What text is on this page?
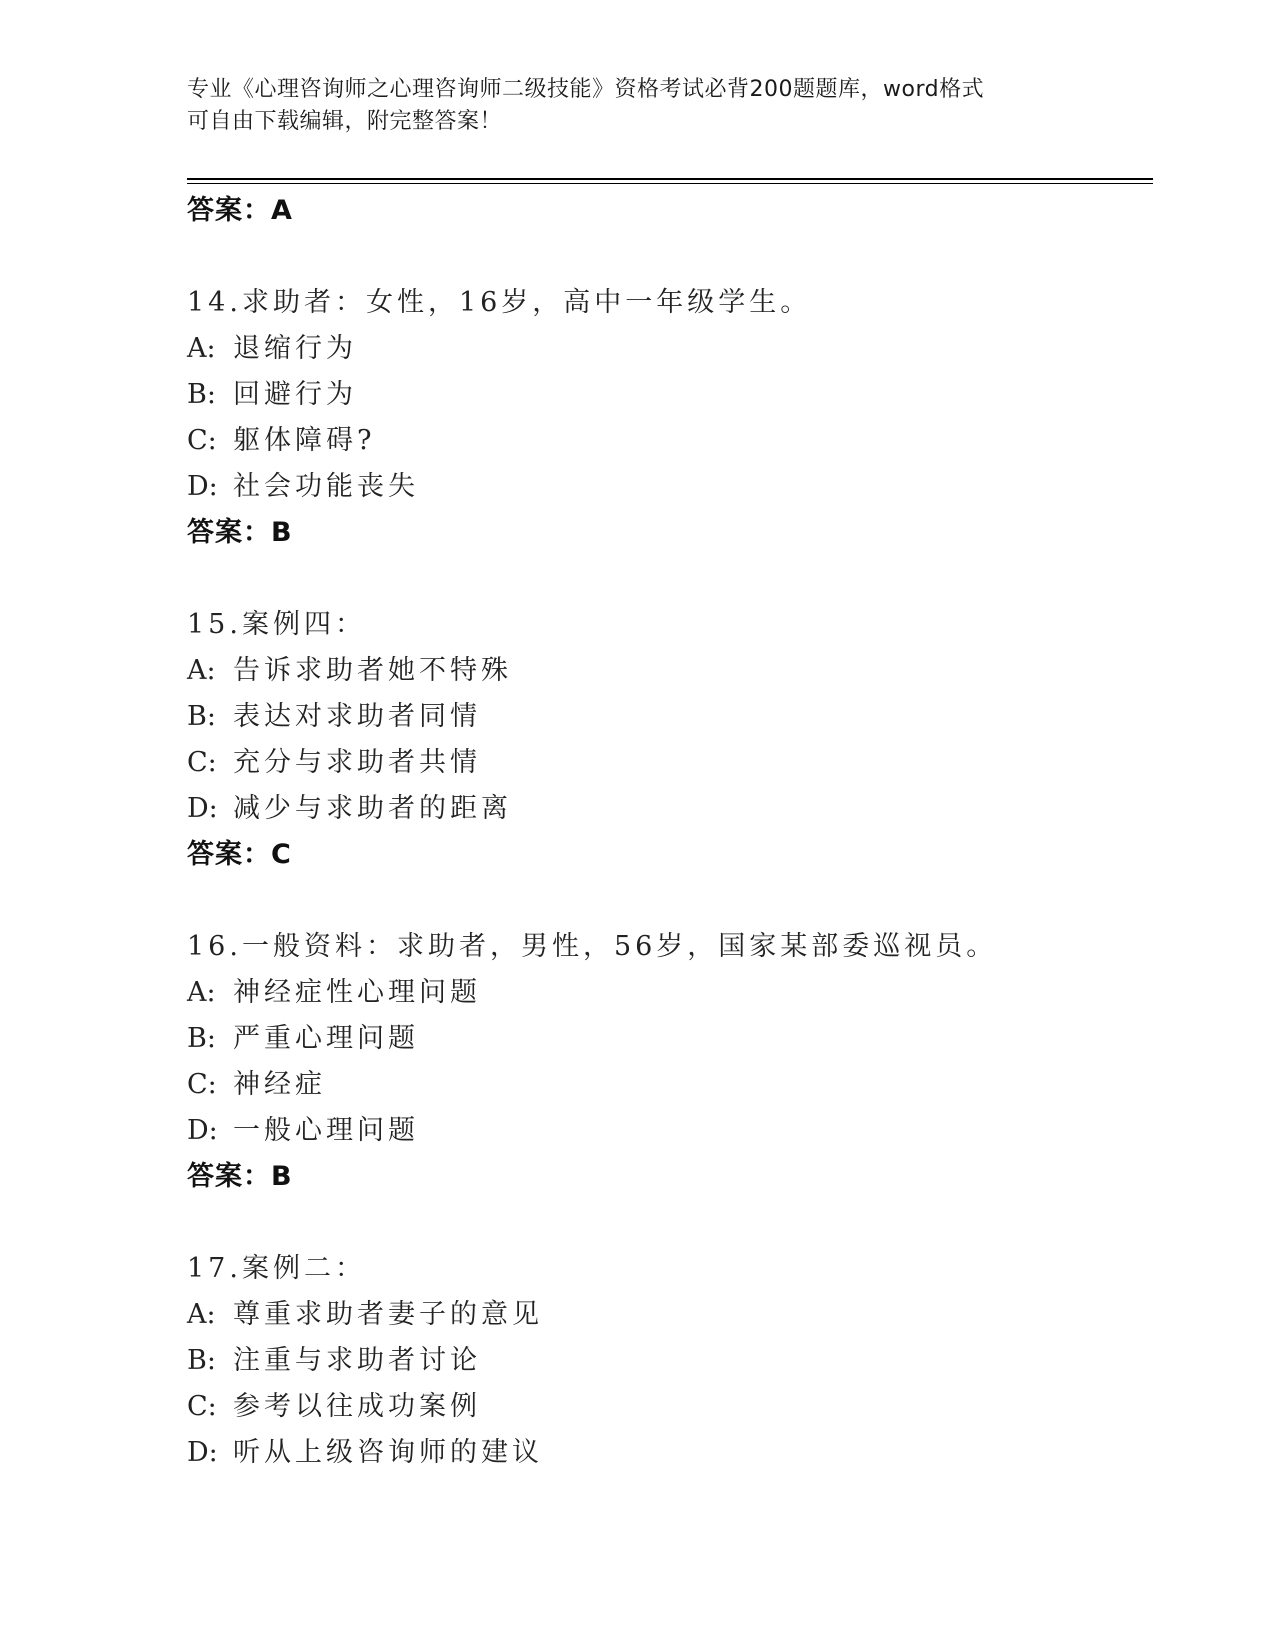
专业《心理咨询师之心理咨询师二级技能》资格考试必背200题题库，word格式
可自由下载编辑，附完整答案！
答案：A
14.求助者：女性，16岁，高中一年级学生。
A: 退缩行为
B: 回避行为
C: 躯体障碍?
D: 社会功能丧失
答案：B
15.案例四：
A: 告诉求助者她不特殊
B: 表达对求助者同情
C: 充分与求助者共情
D: 减少与求助者的距离
答案：C
16.一般资料：求助者，男性，56岁，国家某部委巡视员。
A: 神经症性心理问题
B: 严重心理问题
C: 神经症
D: 一般心理问题
答案：B
17.案例二：
A: 尊重求助者妻子的意见
B: 注重与求助者讨论
C: 参考以往成功案例
D: 听从上级咨询师的建议
